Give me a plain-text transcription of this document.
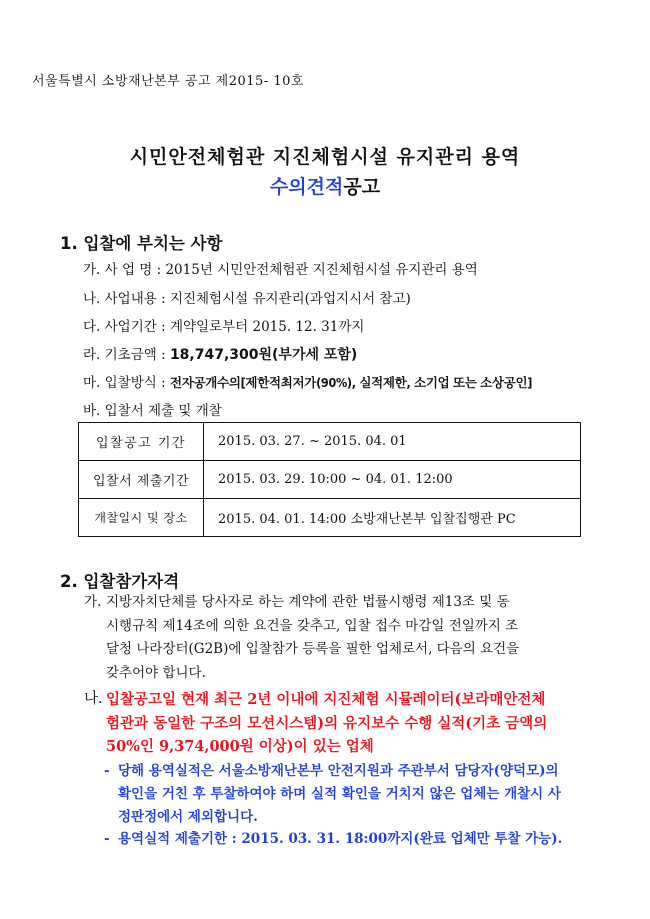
서울특별시 소방재난본부 공고 제2015- 10호
시민안전체험관 지진체험시설 유지관리 용역
수의견적공고
1. 입찰에 부치는 사항
가. 사 업 명 : 2015년 시민안전체험관 지진체험시설 유지관리 용역
나. 사업내용 : 지진체험시설 유지관리(과업지시서 참고)
다. 사업기간 : 계약일로부터 2015. 12. 31까지
라. 기초금액 : 18,747,300원(부가세 포함)
마. 입찰방식 : 전자공개수의[제한적최저가(90%), 실적제한, 소기업 또는 소상공인]
바. 입찰서 제출 및 개찰
입찰공고 기간	2015. 03. 27. ~ 2015. 04. 01
입찰서 제출기간	2015. 03. 29. 10:00 ~ 04. 01. 12:00
개찰일시 및 장소	2015. 04. 01. 14:00 소방재난본부 입찰집행관 PC
2. 입찰참가자격
가. 지방자치단체를 당사자로 하는 계약에 관한 법률시행령 제13조 및 동
시행규칙 제14조에 의한 요건을 갖추고, 입찰 접수 마감일 전일까지 조
달청 나라장터(G2B)에 입찰참가 등록을 필한 업체로서, 다음의 요건을
갖추어야 합니다.
나. 입찰공고일 현재 최근 2년 이내에 지진체험 시뮬레이터(보라매안전체
험관과 동일한 구조의 모션시스템)의 유지보수 수행 실적(기초 금액의
50%인 9,374,000원 이상)이 있는 업체
- 당해 용역실적은 서울소방재난본부 안전지원과 주관부서 담당자(양덕모)의
확인을 거친 후 투찰하여야 하며 실적 확인을 거치지 않은 업체는 개찰시 사
정판정에서 제외합니다.
- 용역실적 제출기한 : 2015. 03. 31. 18:00까지(완료 업체만 투찰 가능).
